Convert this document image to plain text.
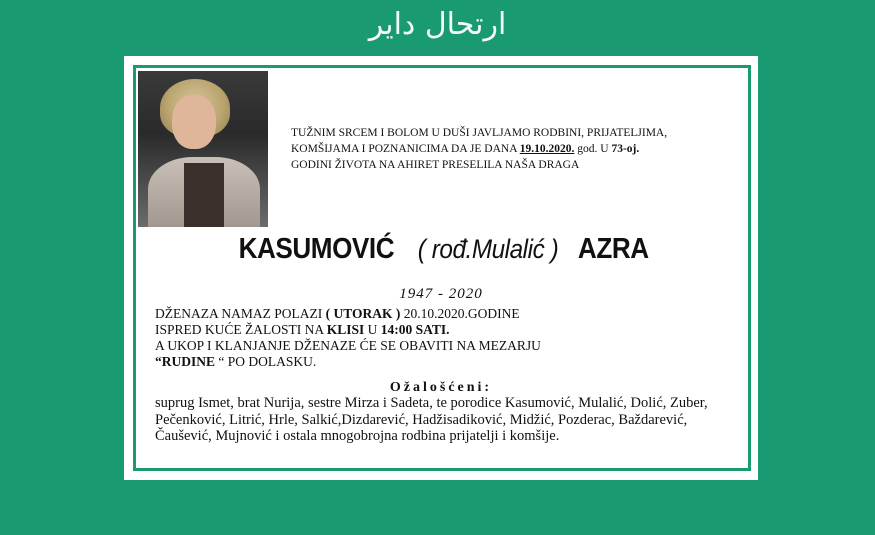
ارتحال دایر
TUŽNIM SRCEM I BOLOM U DUŠI JAVLJAMO RODBINI, PRIJATELJIMA,
KOMŠIJAMA I POZNANICIMA DA JE DANA 19.10.2020. god. U 73-oj.
GODINI ŽIVOTA NA AHIRET PRESELILA NAŠA DRAGA
KASUMOVIĆ ( rođ.Mulalić ) AZRA
1947 - 2020
DŽENAZA NAMAZ POLAZI ( UTORAK ) 20.10.2020.GODINE
ISPRED KUĆE ŽALOSTI NA KLISI U 14:00 SATI.
A UKOP I KLANJANJE DŽENAZE ĆE SE OBAVITI NA MEZARJU
“RUDINE “ PO DOLASKU.
Ožalošćeni:
suprug Ismet, brat Nurija, sestre Mirza i Sadeta, te porodice Kasumović, Mulalić, Dolić, Zuber, Pečenković, Litrić, Hrle, Salkić,Dizdarević, Hadžisadiković, Midžić, Pozderac, Baždarević, Čaušević, Mujnović i ostala mnogobrojna rodbina prijatelji i komšije.
